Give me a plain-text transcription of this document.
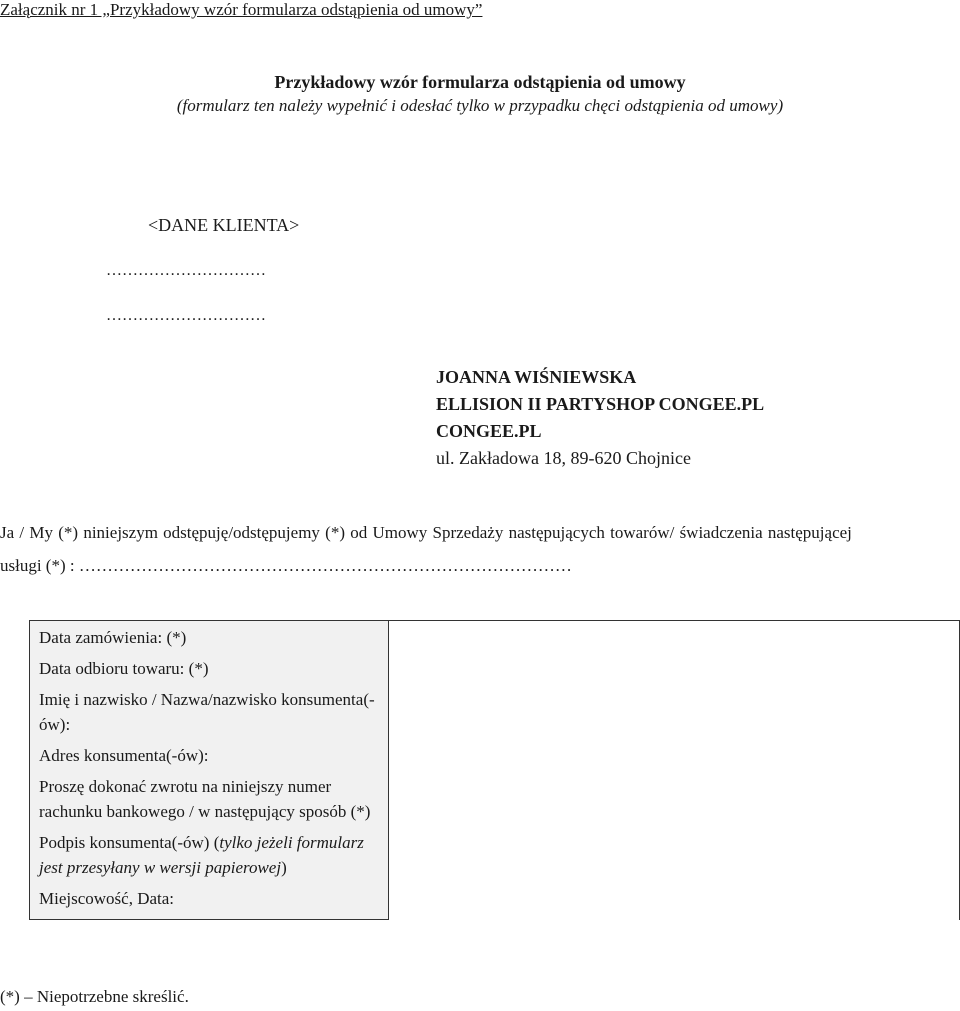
Załącznik nr 1 „Przykładowy wzór formularza odstąpienia od umowy”
Przykładowy wzór formularza odstąpienia od umowy
(formularz ten należy wypełnić i odesłać tylko w przypadku chęci odstąpienia od umowy)
<DANE KLIENTA>
…………………………
…………………………
JOANNA WIŚNIEWSKA
ELLISION II PARTYSHOP CONGEE.PL
CONGEE.PL
ul. Zakładowa 18, 89-620 Chojnice
Ja / My (*) niniejszym odstępuję/odstępujemy (*) od Umowy Sprzedaży następujących towarów/ świadczenia następującej
usługi (*) : ……………………………………………………………………………
Data zamówienia: (*)	
Data odbioru towaru: (*)
Imię i nazwisko / Nazwa/nazwisko konsumenta(-ów):
Adres konsumenta(-ów):
Proszę dokonać zwrotu na niniejszy numer rachunku bankowego / w następujący sposób (*)
Podpis konsumenta(-ów) (tylko jeżeli formularz jest przesyłany w wersji papierowej)
Miejscowość, Data:
(*) – Niepotrzebne skreślić.
